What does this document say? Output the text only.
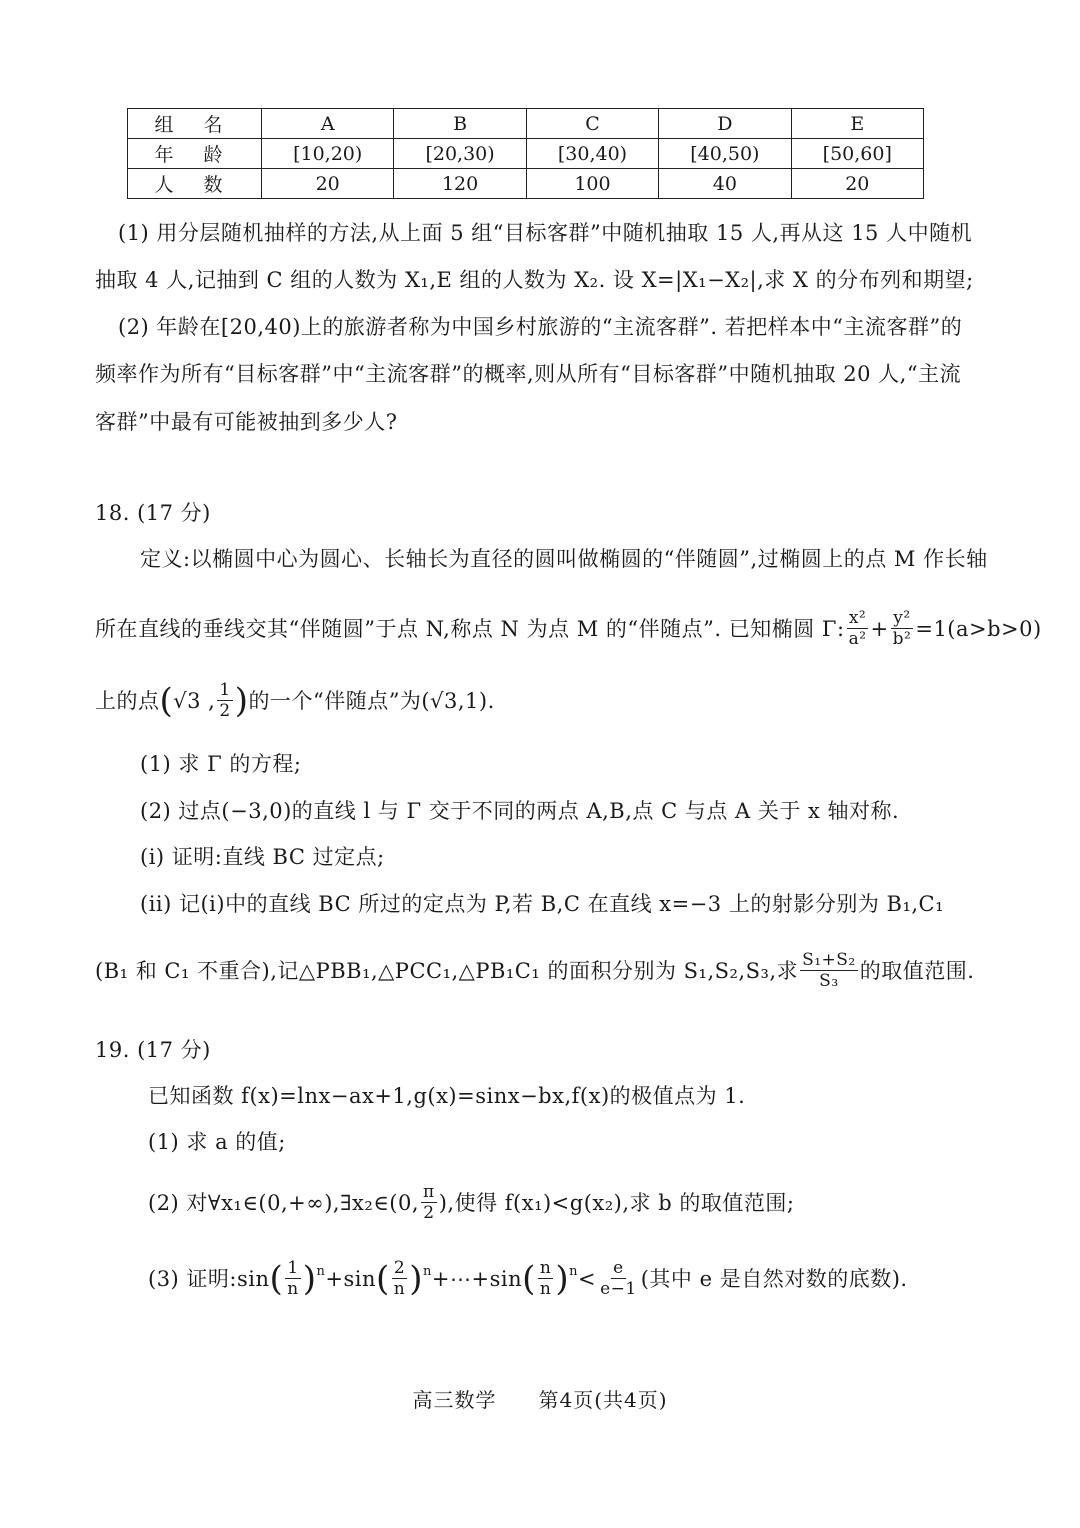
组 名	A	B	C	D	E
年 龄	[10,20)	[20,30)	[30,40)	[40,50)	[50,60]
人 数	20	120	100	40	20
(1) 用分层随机抽样的方法,从上面 5 组“目标客群”中随机抽取 15 人,再从这 15 人中随机
抽取 4 人,记抽到 C 组的人数为 X₁,E 组的人数为 X₂. 设 X=|X₁−X₂|,求 X 的分布列和期望;
(2) 年龄在[20,40)上的旅游者称为中国乡村旅游的“主流客群”. 若把样本中“主流客群”的
频率作为所有“目标客群”中“主流客群”的概率,则从所有“目标客群”中随机抽取 20 人,“主流
客群”中最有可能被抽到多少人?
18. (17 分)
定义:以椭圆中心为圆心、长轴长为直径的圆叫做椭圆的“伴随圆”,过椭圆上的点 M 作长轴
所在直线的垂线交其“伴随圆”于点 N,称点 N 为点 M 的“伴随点”. 已知椭圆 Γ: $\frac{\text{x²}}{\text{a²}} + \frac{\text{y²}}{\text{b²}} =1(a>b>0)$
上的点 ( √3 , $\frac{1}{2}$ ) 的一个“伴随点”为(√3,1).
(1) 求 Γ 的方程;
(2) 过点(−3,0)的直线 l 与 Γ 交于不同的两点 A,B,点 C 与点 A 关于 x 轴对称.
(i) 证明:直线 BC 过定点;
(ii) 记(i)中的直线 BC 所过的定点为 P,若 B,C 在直线 x=−3 上的射影分别为 B₁,C₁
(B₁ 和 C₁ 不重合),记△PBB₁,△PCC₁,△PB₁C₁ 的面积分别为 S₁,S₂,S₃,求 $\frac{\text{S₁+S₂}}{\text{S₃}}$ 的取值范围.
19. (17 分)
已知函数 f(x)=lnx−ax+1,g(x)=sinx−bx,f(x)的极值点为 1.
(1) 求 a 的值;
(2) 对∀x₁∈(0,+∞),∃x₂∈(0, $\frac{\pi}{2}$ ),使得 f(x₁)<g(x₂),求 b 的取值范围;
(3) 证明: sin ( $\frac{1}{n} )^n + \sin$ ( $\frac{2}{n} )^n$ +⋯+ sin ( $\frac{n}{n} )^n < \frac{e}{e-1}$ (其中 e 是自然对数的底数).
高三数学　　第4页(共4页)
